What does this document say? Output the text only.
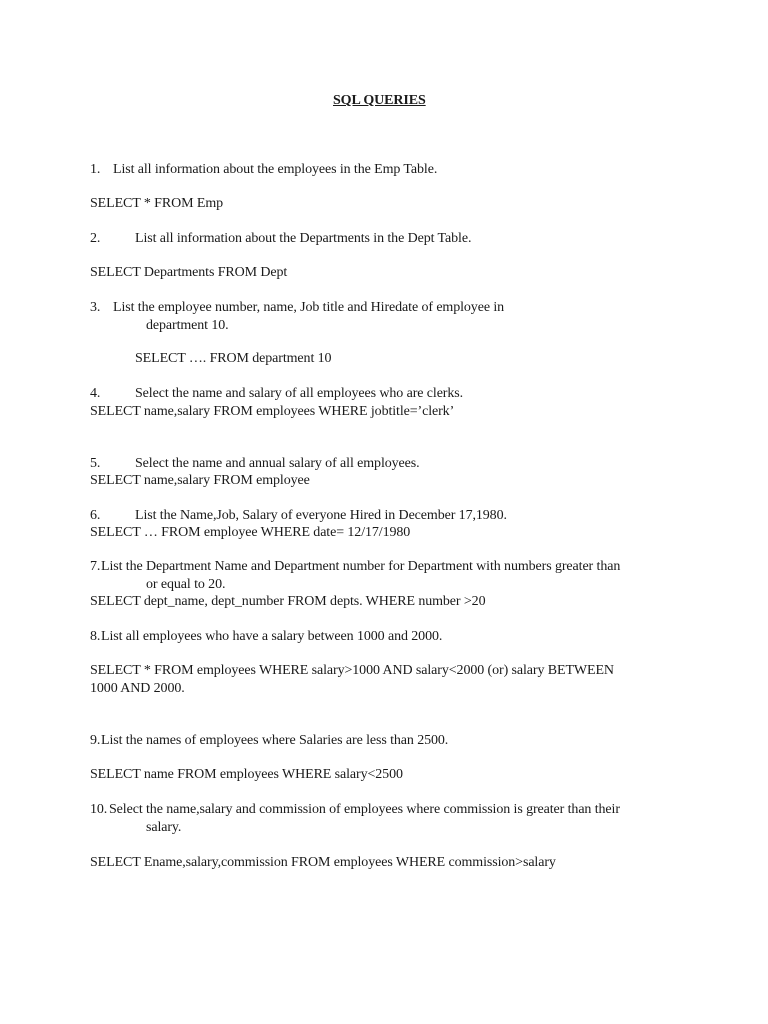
SQL QUERIES
1. List all information about the employees in the Emp Table.
SELECT * FROM Emp
2. List all information about the Departments in the Dept Table.
SELECT Departments FROM Dept
3. List the employee number, name, Job title and Hiredate of employee in
department 10.
SELECT …. FROM department 10
4. Select the name and salary of all employees who are clerks.
SELECT name,salary FROM employees WHERE jobtitle=’clerk’
5. Select the name and annual salary of all employees.
SELECT name,salary FROM employee
6. List the Name,Job, Salary of everyone Hired in December 17,1980.
SELECT … FROM employee WHERE date= 12/17/1980
7. List the Department Name and Department number for Department with numbers greater than
or equal to 20.
SELECT dept_name, dept_number FROM depts. WHERE number >20
8. List all employees who have a salary between 1000 and 2000.
SELECT * FROM employees WHERE salary>1000 AND salary<2000 (or) salary BETWEEN
1000 AND 2000.
9. List the names of employees where Salaries are less than 2500.
SELECT name FROM employees WHERE salary<2500
10. Select the name,salary and commission of employees where commission is greater than their
salary.
SELECT Ename,salary,commission FROM employees WHERE commission>salary
